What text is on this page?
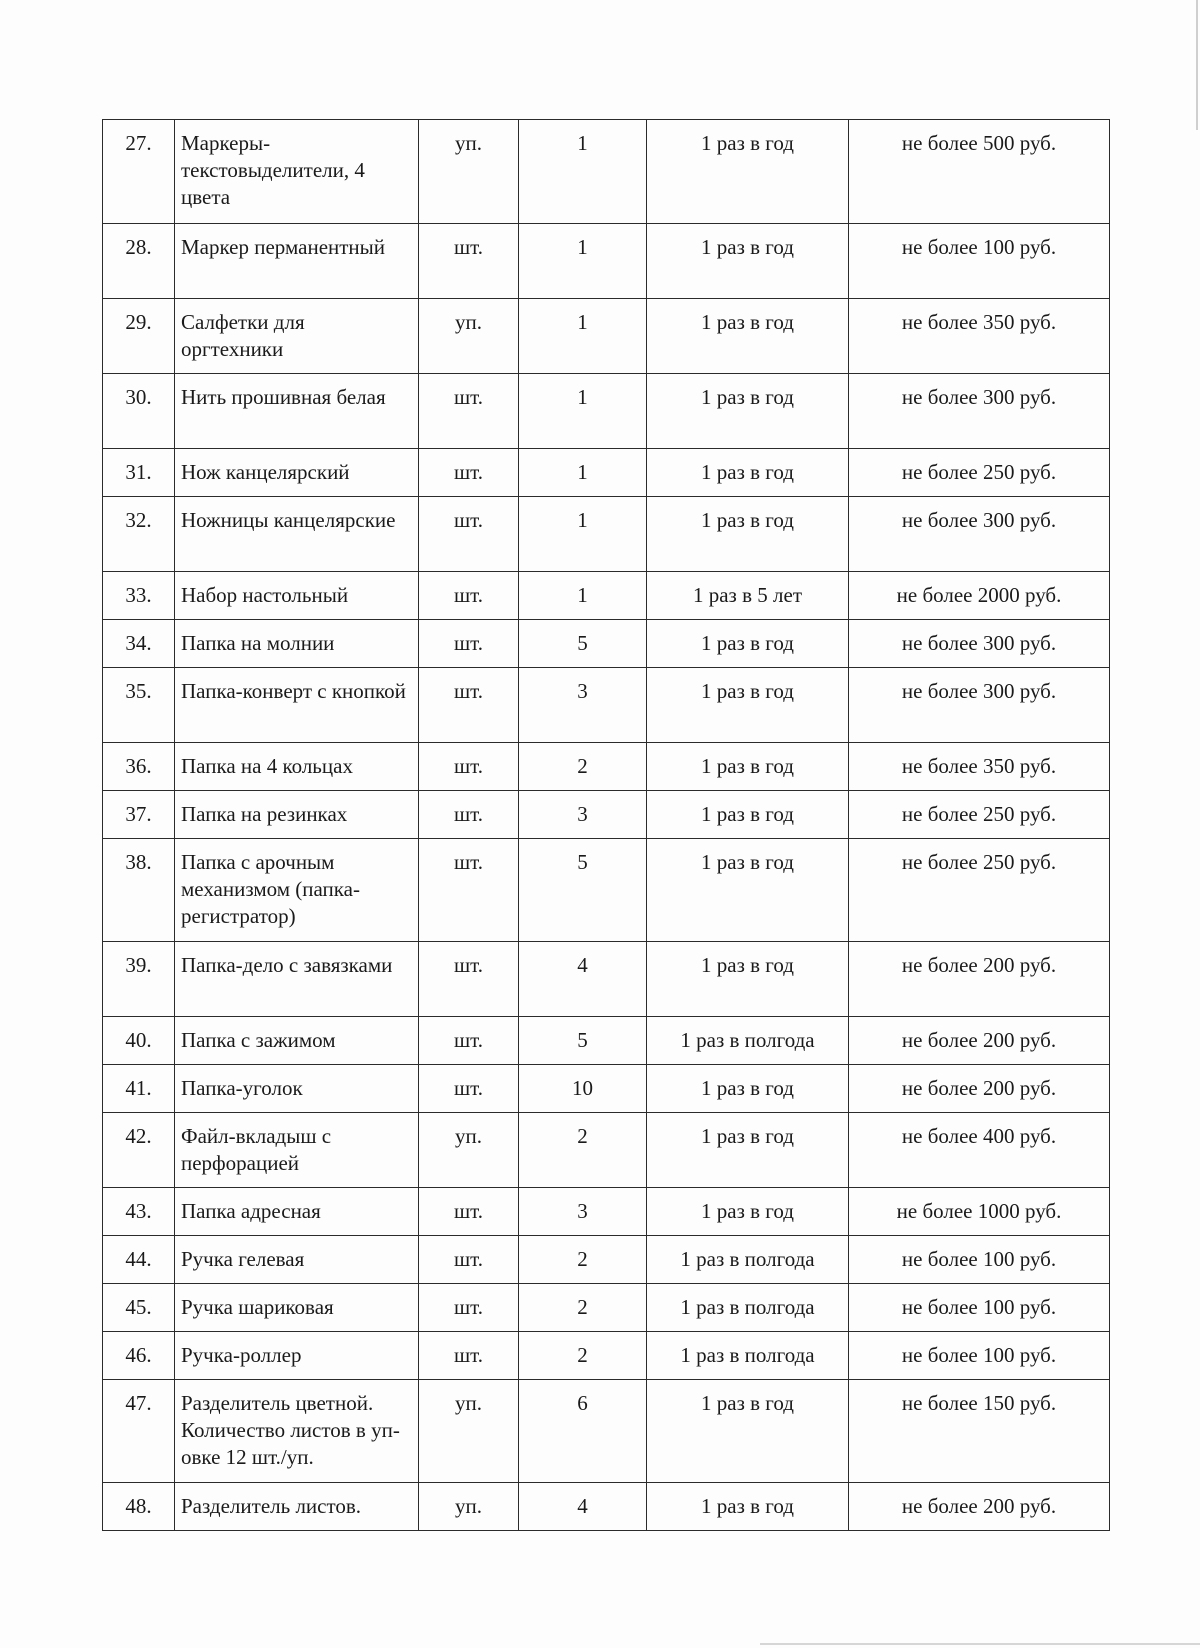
27.	Маркеры-текстовыделители, 4 цвета	уп.	1	1 раз в год	не более 500 руб.
28.	Маркер перманентный	шт.	1	1 раз в год	не более 100 руб.
29.	Салфетки для оргтехники	уп.	1	1 раз в год	не более 350 руб.
30.	Нить прошивная белая	шт.	1	1 раз в год	не более 300 руб.
31.	Нож канцелярский	шт.	1	1 раз в год	не более 250 руб.
32.	Ножницы канцелярские	шт.	1	1 раз в год	не более 300 руб.
33.	Набор настольный	шт.	1	1 раз в 5 лет	не более 2000 руб.
34.	Папка на молнии	шт.	5	1 раз в год	не более 300 руб.
35.	Папка-конверт с кнопкой	шт.	3	1 раз в год	не более 300 руб.
36.	Папка на 4 кольцах	шт.	2	1 раз в год	не более 350 руб.
37.	Папка на резинках	шт.	3	1 раз в год	не более 250 руб.
38.	Папка с арочным механизмом (папка-регистратор)	шт.	5	1 раз в год	не более 250 руб.
39.	Папка-дело с завязками	шт.	4	1 раз в год	не более 200 руб.
40.	Папка с зажимом	шт.	5	1 раз в полгода	не более 200 руб.
41.	Папка-уголок	шт.	10	1 раз в год	не более 200 руб.
42.	Файл-вкладыш с перфорацией	уп.	2	1 раз в год	не более 400 руб.
43.	Папка адресная	шт.	3	1 раз в год	не более 1000 руб.
44.	Ручка гелевая	шт.	2	1 раз в полгода	не более 100 руб.
45.	Ручка шариковая	шт.	2	1 раз в полгода	не более 100 руб.
46.	Ручка-роллер	шт.	2	1 раз в полгода	не более 100 руб.
47.	Разделитель цветной. Количество листов в уп-овке 12 шт./уп.	уп.	6	1 раз в год	не более 150 руб.
48.	Разделитель листов.	уп.	4	1 раз в год	не более 200 руб.
